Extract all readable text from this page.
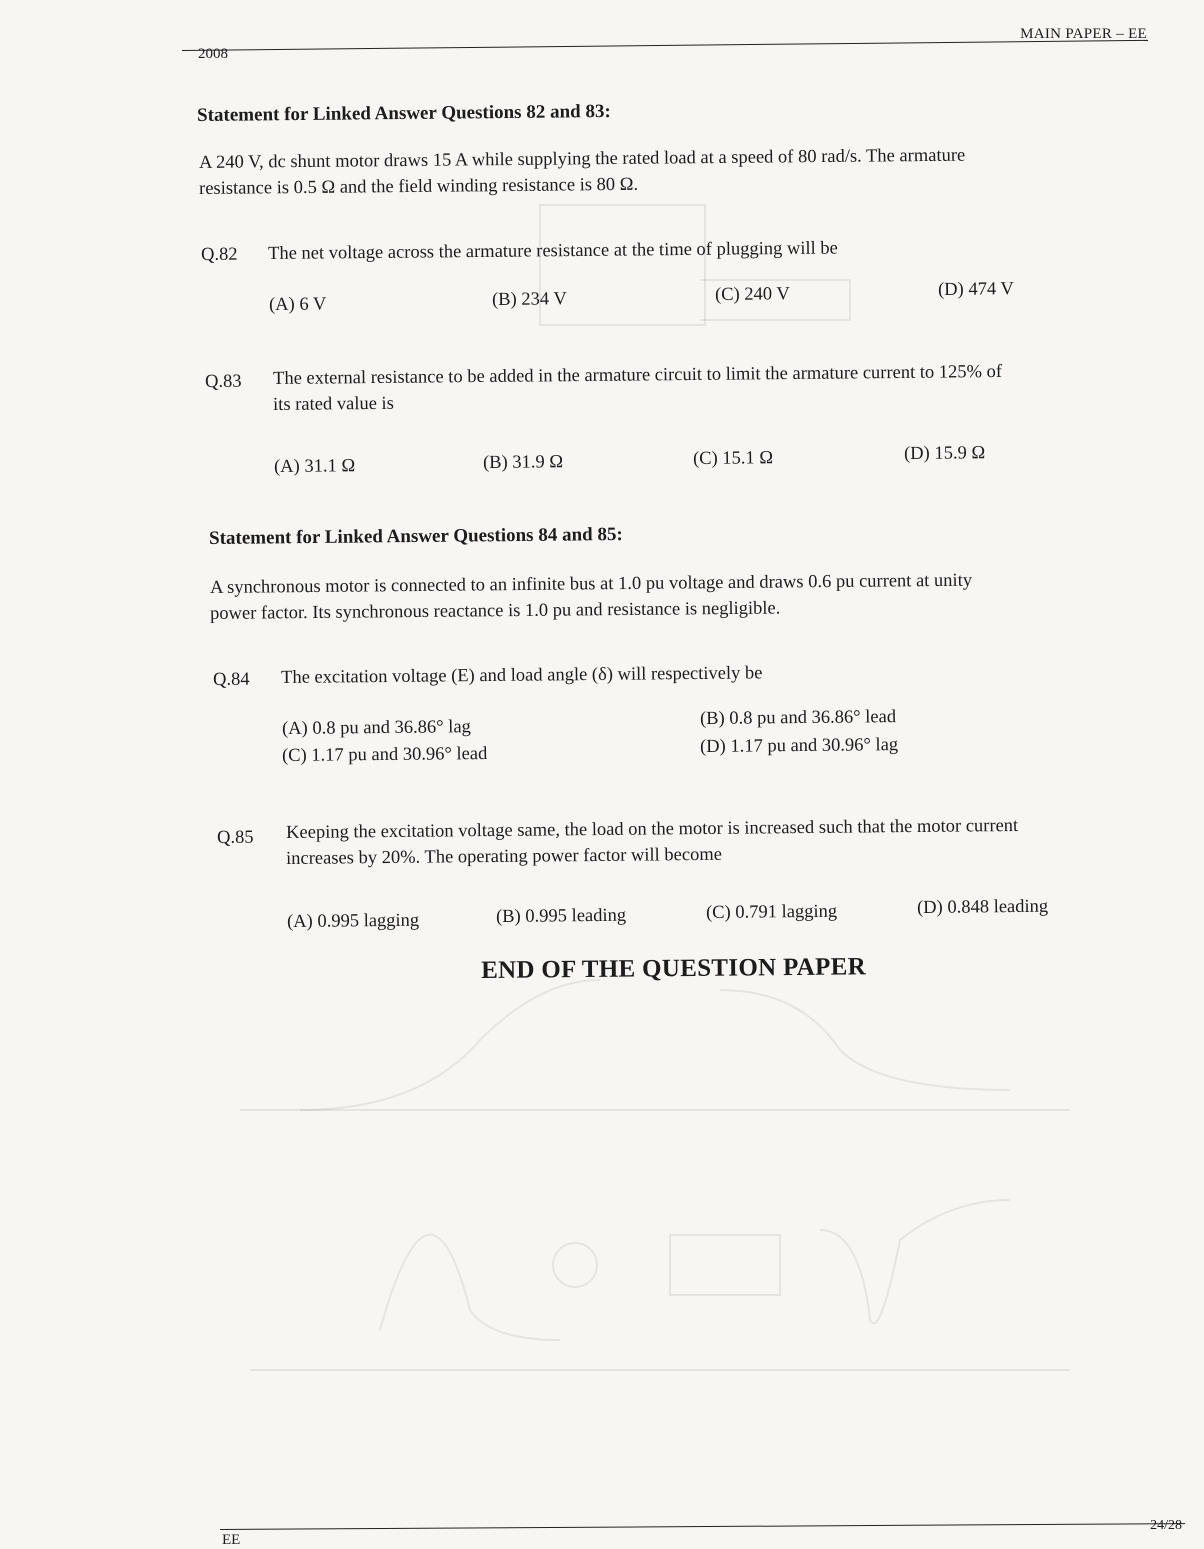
2008
MAIN PAPER – EE
Statement for Linked Answer Questions 82 and 83:
A 240 V, dc shunt motor draws 15 A while supplying the rated load at a speed of 80 rad/s. The armature
resistance is 0.5 Ω and the field winding resistance is 80 Ω.
Q.82 The net voltage across the armature resistance at the time of plugging will be
(A) 6 V	(B) 234 V	(C) 240 V	(D) 474 V
Q.83 The external resistance to be added in the armature circuit to limit the armature current to 125% of
its rated value is
(A) 31.1 Ω	(B) 31.9 Ω	(C) 15.1 Ω	(D) 15.9 Ω
Statement for Linked Answer Questions 84 and 85:
A synchronous motor is connected to an infinite bus at 1.0 pu voltage and draws 0.6 pu current at unity
power factor. Its synchronous reactance is 1.0 pu and resistance is negligible.
Q.84 The excitation voltage (E) and load angle (δ) will respectively be
(A) 0.8 pu and 36.86° lag	(B) 0.8 pu and 36.86° lead
(C) 1.17 pu and 30.96° lead	(D) 1.17 pu and 30.96° lag
Q.85 Keeping the excitation voltage same, the load on the motor is increased such that the motor current
increases by 20%. The operating power factor will become
(A) 0.995 lagging	(B) 0.995 leading	(C) 0.791 lagging	(D) 0.848 leading
END OF THE QUESTION PAPER
EE
24/28
